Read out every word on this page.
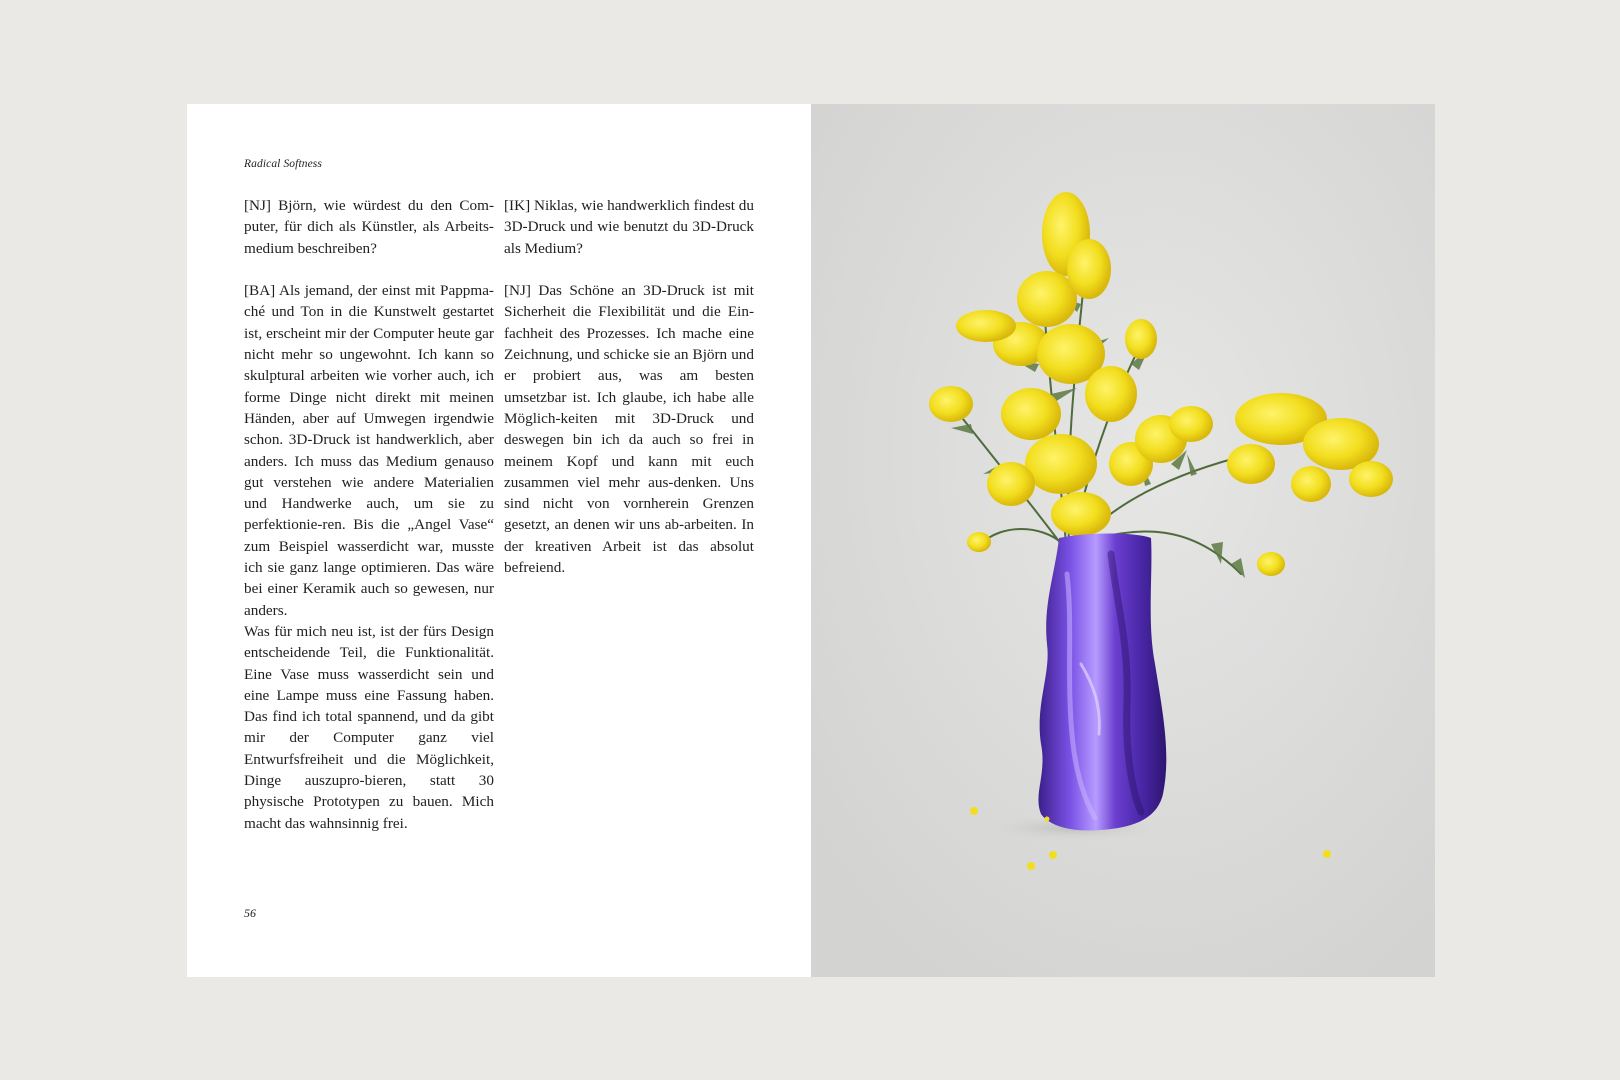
Radical Softness

[NJ] Björn, wie würdest du den Com-puter, für dich als Künstler, als Arbeits-medium beschreiben?

[BA] Als jemand, der einst mit Pappma-ché und Ton in die Kunstwelt gestartet ist, erscheint mir der Computer heute gar nicht mehr so ungewohnt. Ich kann so skulptural arbeiten wie vorher auch, ich forme Dinge nicht direkt mit meinen Händen, aber auf Umwegen irgendwie schon. 3D-Druck ist handwerklich, aber anders. Ich muss das Medium genauso gut verstehen wie andere Materialien und Handwerke auch, um sie zu perfektionie-ren. Bis die „Angel Vase“ zum Beispiel wasserdicht war, musste ich sie ganz lange optimieren. Das wäre bei einer Keramik auch so gewesen, nur anders.

Was für mich neu ist, ist der fürs Design entscheidende Teil, die Funktionalität. Eine Vase muss wasserdicht sein und eine Lampe muss eine Fassung haben. Das find ich total spannend, und da gibt mir der Computer ganz viel Entwurfsfreiheit und die Möglichkeit, Dinge auszupro-bieren, statt 30 physische Prototypen zu bauen. Mich macht das wahnsinnig frei.

[IK] Niklas, wie handwerklich findest du 3D-Druck und wie benutzt du 3D-Druck als Medium?

[NJ] Das Schöne an 3D-Druck ist mit Sicherheit die Flexibilität und die Ein-fachheit des Prozesses. Ich mache eine Zeichnung, und schicke sie an Björn und er probiert aus, was am besten umsetzbar ist. Ich glaube, ich habe alle Möglich-keiten mit 3D-Druck und deswegen bin ich da auch so frei in meinem Kopf und kann mit euch zusammen viel mehr aus-denken. Uns sind nicht von vornherein Grenzen gesetzt, an denen wir uns ab-arbeiten. In der kreativen Arbeit ist das absolut befreiend.

56
